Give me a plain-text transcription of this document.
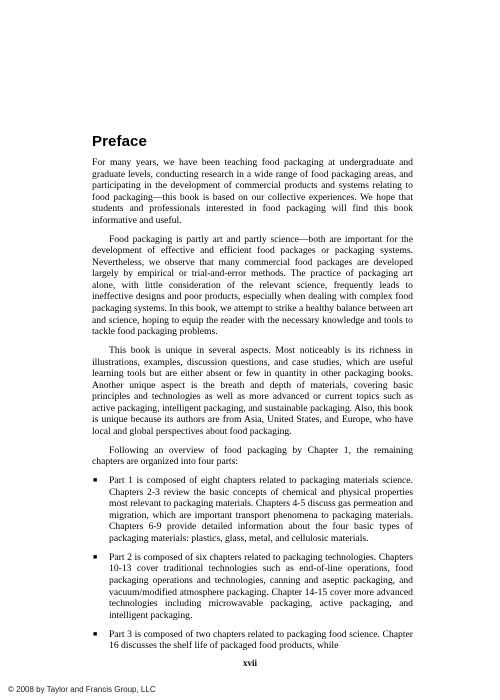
Preface

For many years, we have been teaching food packaging at undergraduate and graduate levels, conducting research in a wide range of food packaging areas, and participating in the development of commercial products and systems relating to food packaging—this book is based on our collective experiences. We hope that students and professionals interested in food packaging will find this book informative and useful.

Food packaging is partly art and partly science—both are important for the development of effective and efficient food packages or packaging systems. Nevertheless, we observe that many commercial food packages are developed largely by empirical or trial-and-error methods. The practice of packaging art alone, with little consideration of the relevant science, frequently leads to ineffective designs and poor products, especially when dealing with complex food packaging systems. In this book, we attempt to strike a healthy balance between art and science, hoping to equip the reader with the necessary knowledge and tools to tackle food packaging problems.

This book is unique in several aspects. Most noticeably is its richness in illustrations, examples, discussion questions, and case studies, which are useful learning tools but are either absent or few in quantity in other packaging books. Another unique aspect is the breath and depth of materials, covering basic principles and technologies as well as more advanced or current topics such as active packaging, intelligent packaging, and sustainable packaging. Also, this book is unique because its authors are from Asia, United States, and Europe, who have local and global perspectives about food packaging.

Following an overview of food packaging by Chapter 1, the remaining chapters are organized into four parts:

■ Part 1 is composed of eight chapters related to packaging materials science. Chapters 2-3 review the basic concepts of chemical and physical properties most relevant to packaging materials. Chapters 4-5 discuss gas permeation and migration, which are important transport phenomena to packaging materials. Chapters 6-9 provide detailed information about the four basic types of packaging materials: plastics, glass, metal, and cellulosic materials.
■ Part 2 is composed of six chapters related to packaging technologies. Chapters 10-13 cover traditional technologies such as end-of-line operations, food packaging operations and technologies, canning and aseptic packaging, and vacuum/modified atmosphere packaging. Chapter 14-15 cover more advanced technologies including microwavable packaging, active packaging, and intelligent packaging.
■ Part 3 is composed of two chapters related to packaging food science. Chapter 16 discusses the shelf life of packaged food products, while
xvii
© 2008 by Taylor and Francis Group, LLC
